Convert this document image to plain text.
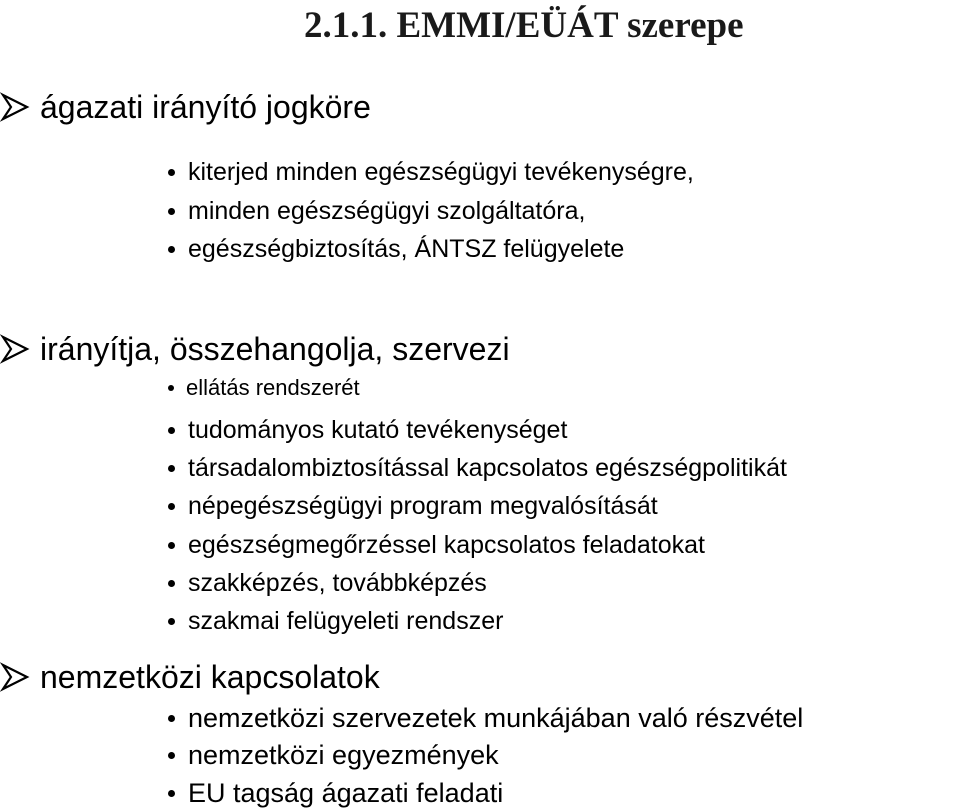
2.1.1. EMMI/EÜÁT szerepe
ágazati irányító jogköre
kiterjed minden egészségügyi tevékenységre,
minden egészségügyi szolgáltatóra,
egészségbiztosítás, ÁNTSZ felügyelete
irányítja, összehangolja, szervezi
ellátás rendszerét
tudományos kutató tevékenységet
társadalombiztosítással kapcsolatos egészségpolitikát
népegészségügyi program megvalósítását
egészségmegőrzéssel kapcsolatos feladatokat
szakképzés, továbbképzés
szakmai felügyeleti rendszer
nemzetközi kapcsolatok
nemzetközi szervezetek munkájában való részvétel
nemzetközi egyezmények
EU tagság ágazati feladati
